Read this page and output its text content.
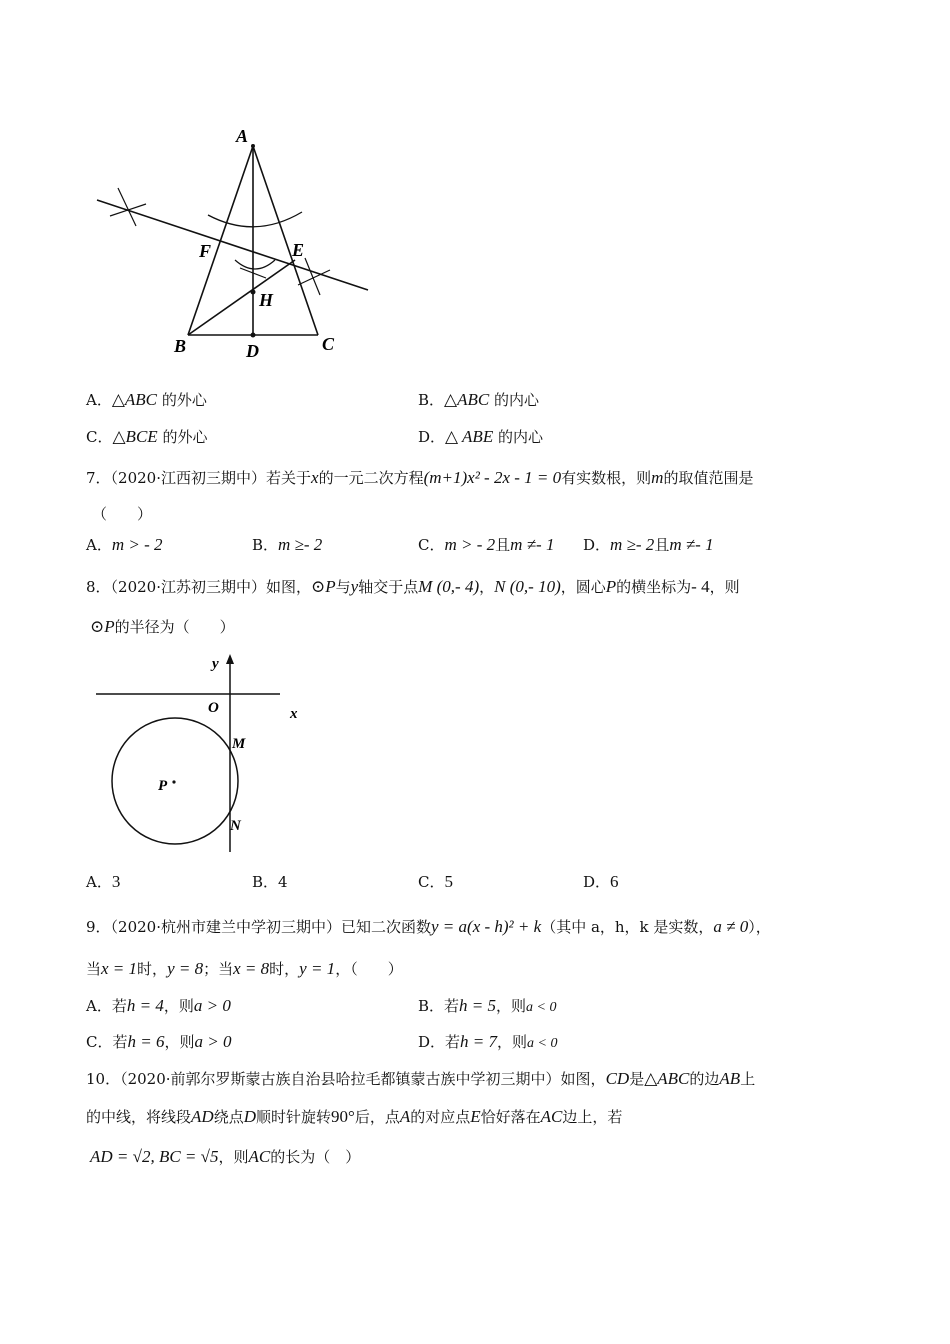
A
F	E
H
B	D	C
A．△ABC 的外心	B．△ABC 的内心
C．△BCE 的外心	D．△ ABE 的内心
7．（2020·江西初三期中）若关于x的一元二次方程(m+1)x² - 2x - 1 = 0有实数根，则m的取值范围是
（　　）
A．m > - 2	B．m ≥- 2	C．m > - 2且m ≠- 1 D．m ≥- 2且m ≠- 1
8．（2020·江苏初三期中）如图，⊙P与y轴交于点M (0,- 4)，N (0,- 10)，圆心P的横坐标为- 4，则
⊙P的半径为（　　）
y
O	x
M
P
N
A．3	B．4	C．5	D．6
9．（2020·杭州市建兰中学初三期中）已知二次函数y = a(x - h)² + k（其中 a，h，k 是实数，a ≠ 0），
当x = 1时，y = 8；当x = 8时，y = 1，（　　）
A．若h = 4，则a > 0	B．若h = 5，则a < 0
C．若h = 6，则a > 0	D．若h = 7，则a < 0
10．（2020·前郭尔罗斯蒙古族自治县哈拉毛都镇蒙古族中学初三期中）如图，CD是△ABC的边AB上
的中线，将线段AD绕点D顺时针旋转90°后，点A的对应点E恰好落在AC边上，若
AD = √2, BC = √5，则AC的长为（　）
